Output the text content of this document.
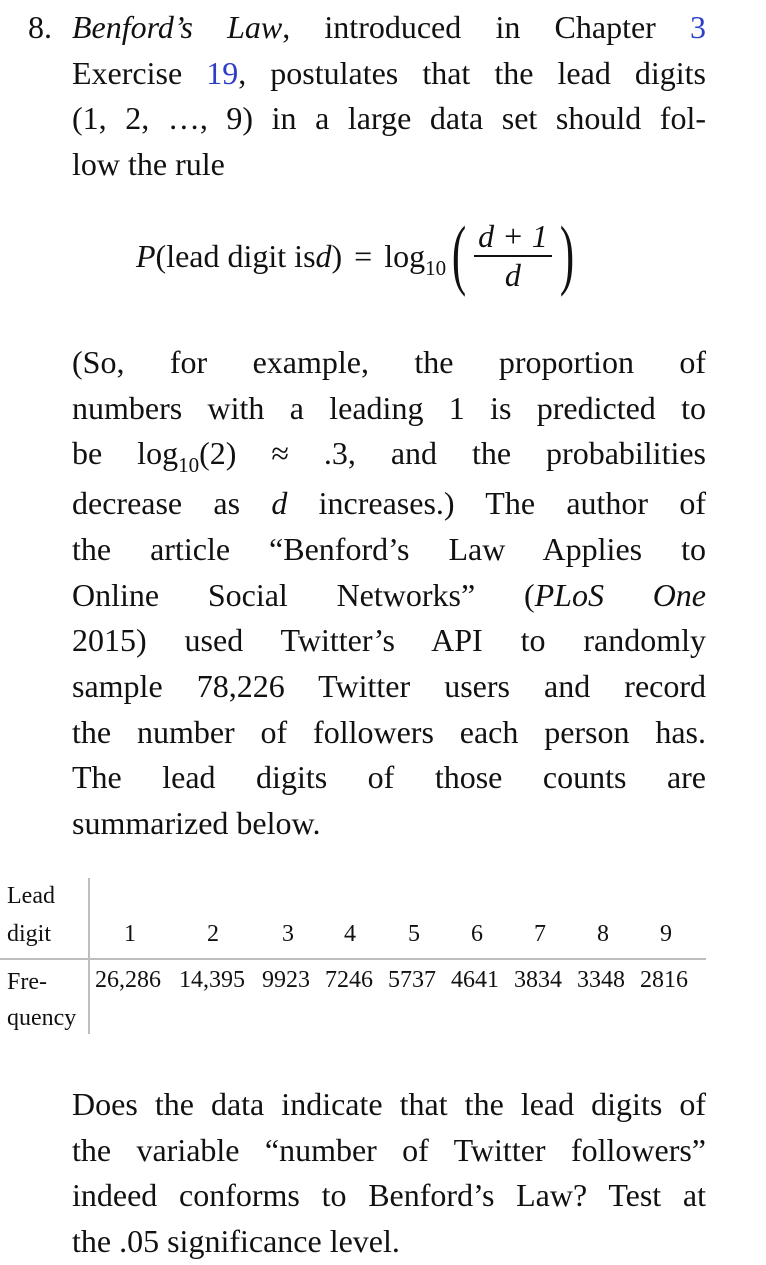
8. Benford’s Law, introduced in Chapter 3
Exercise 19, postulates that the lead digits
(1, 2, …, 9) in a large data set should fol-
low the rule
P (lead digit is d ) = log 10 ( $\frac{d + 1}{d}$ )
(So, for example, the proportion of
numbers with a leading 1 is predicted to
be $\log_{10}(2) \approx .3$, and the probabilities
decrease as d increases.) The author of
the article “Benford’s Law Applies to
Online Social Networks” (PLoS One
2015) used Twitter’s API to randomly
sample 78,226 Twitter users and record
the number of followers each person has.
The lead digits of those counts are
summarized below.
Lead
digit
Fre-
quency
1	2	3 4 5 6 7 8 9
26,286 14,395 9923 7246 5737 4641 3834 3348 2816
Does the data indicate that the lead digits of
the variable “number of Twitter followers”
indeed conforms to Benford’s Law? Test at
the .05 significance level.
